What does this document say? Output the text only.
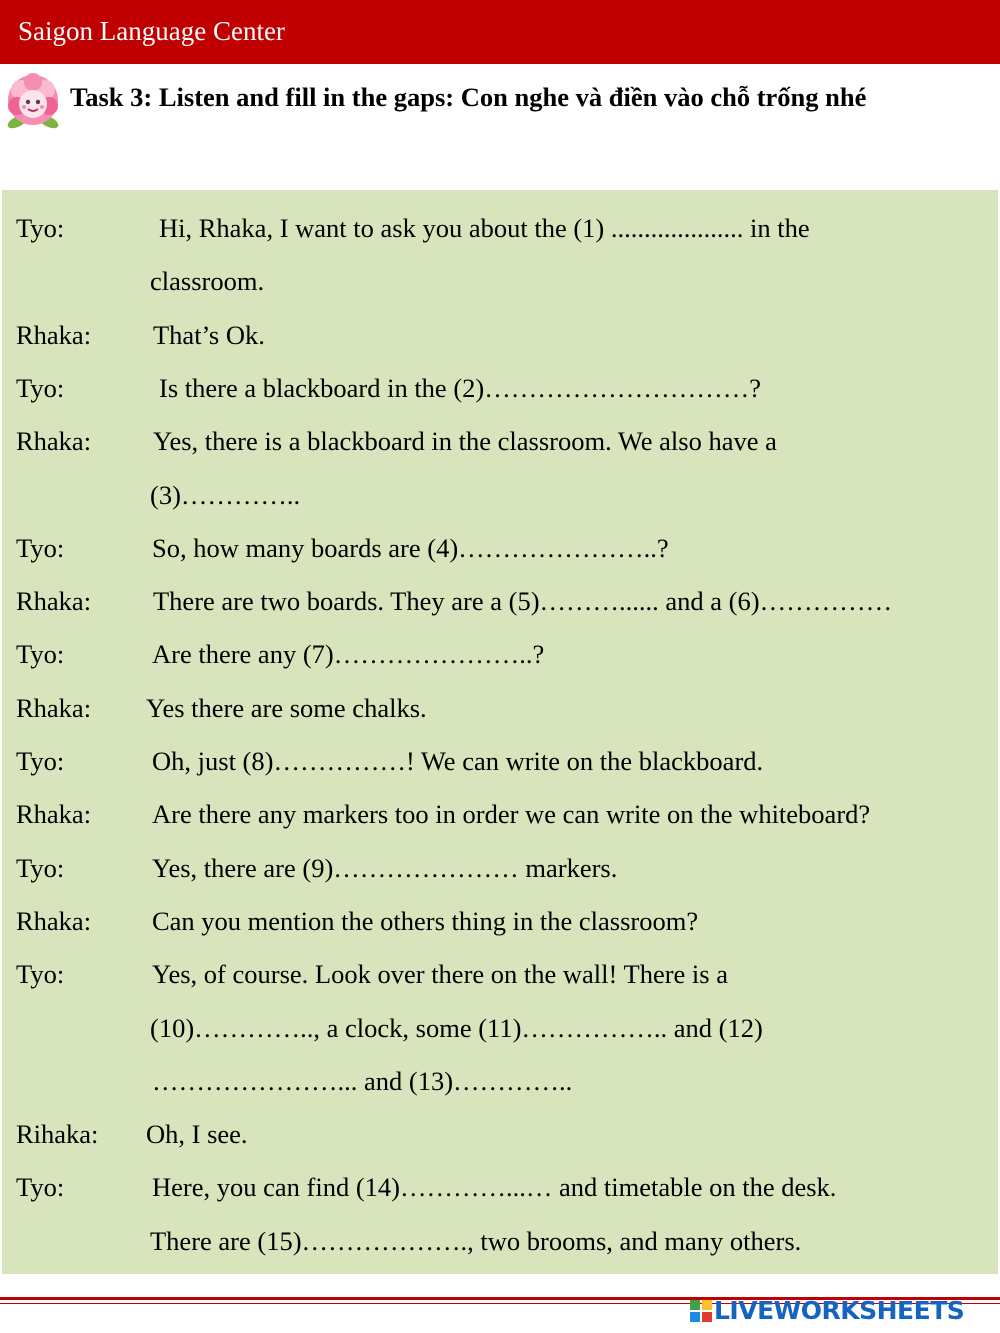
Saigon Language Center
Task 3: Listen and fill in the gaps: Con nghe và điền vào chỗ trống nhé
Tyo:	Hi, Rhaka, I want to ask you about the (1) .................... in the
classroom.
Rhaka: That’s Ok.
Tyo:	Is there a blackboard in the (2)…………………………?
Rhaka: Yes, there is a blackboard in the classroom. We also have a
(3)…………..
Tyo:	So, how many boards are (4)…………………..?
Rhaka: There are two boards. They are a (5)………...... and a (6)……………
Tyo:	Are there any (7)…………………..?
Rhaka: Yes there are some chalks.
Tyo:	Oh, just (8)……………! We can write on the blackboard.
Rhaka: Are there any markers too in order we can write on the whiteboard?
Tyo:	Yes, there are (9)………………… markers.
Rhaka: Can you mention the others thing in the classroom?
Tyo:	Yes, of course. Look over there on the wall! There is a
(10)………….., a clock, some (11)…………….. and (12)
…………………... and (13)…………..
Rihaka: Oh, I see.
Tyo:	Here, you can find (14)…………...… and timetable on the desk.
There are (15)………………., two brooms, and many others.
LIVEWORKSHEETS
